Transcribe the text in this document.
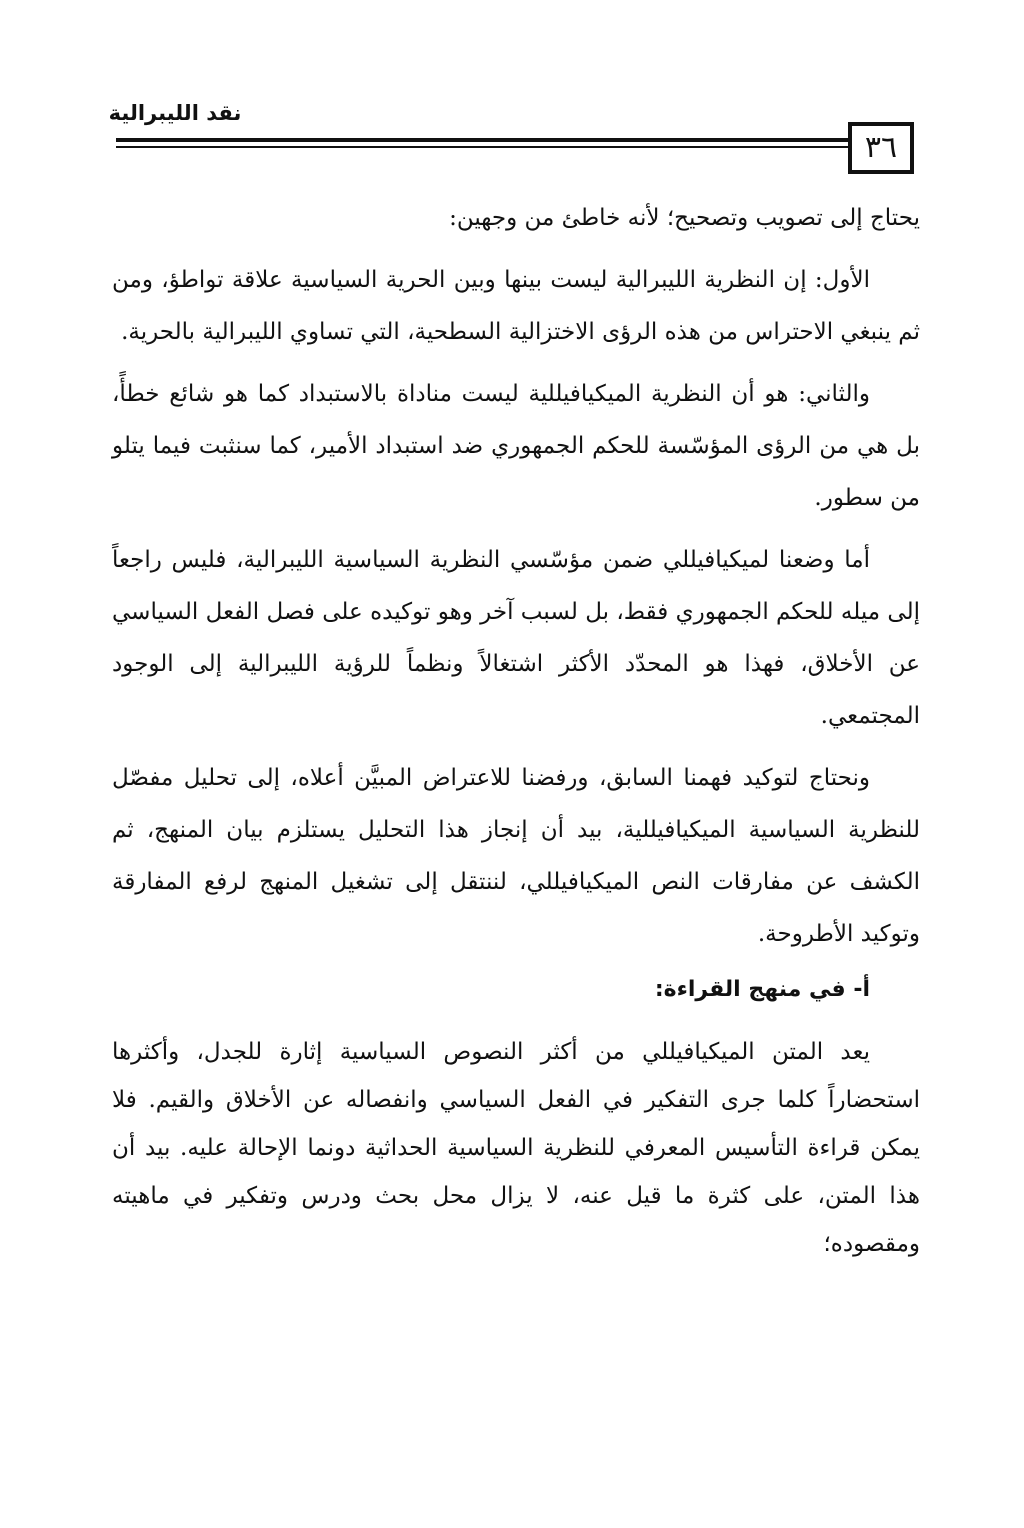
نقد الليبرالية
٣٦

يحتاج إلى تصويب وتصحيح؛ لأنه خاطئ من وجهين:

الأول: إن النظرية الليبرالية ليست بينها وبين الحرية السياسية علاقة تواطؤ، ومن ثم ينبغي الاحتراس من هذه الرؤى الاختزالية السطحية، التي تساوي الليبرالية بالحرية.

والثاني: هو أن النظرية الميكيافيللية ليست مناداة بالاستبداد كما هو شائع خطأً، بل هي من الرؤى المؤسّسة للحكم الجمهوري ضد استبداد الأمير، كما سنثبت فيما يتلو من سطور.

أما وضعنا لميكيافيللي ضمن مؤسّسي النظرية السياسية الليبرالية، فليس راجعاً إلى ميله للحكم الجمهوري فقط، بل لسبب آخر وهو توكيده على فصل الفعل السياسي عن الأخلاق، فهذا هو المحدّد الأكثر اشتغالاً ونظماً للرؤية الليبرالية إلى الوجود المجتمعي.

ونحتاج لتوكيد فهمنا السابق، ورفضنا للاعتراض المبيَّن أعلاه، إلى تحليل مفصّل للنظرية السياسية الميكيافيللية، بيد أن إنجاز هذا التحليل يستلزم بيان المنهج، ثم الكشف عن مفارقات النص الميكيافيللي، لننتقل إلى تشغيل المنهج لرفع المفارقة وتوكيد الأطروحة.

أ- في منهج القراءة:

يعد المتن الميكيافيللي من أكثر النصوص السياسية إثارة للجدل، وأكثرها استحضاراً كلما جرى التفكير في الفعل السياسي وانفصاله عن الأخلاق والقيم. فلا يمكن قراءة التأسيس المعرفي للنظرية السياسية الحداثية دونما الإحالة عليه. بيد أن هذا المتن، على كثرة ما قيل عنه، لا يزال محل بحث ودرس وتفكير في ماهيته ومقصوده؛
